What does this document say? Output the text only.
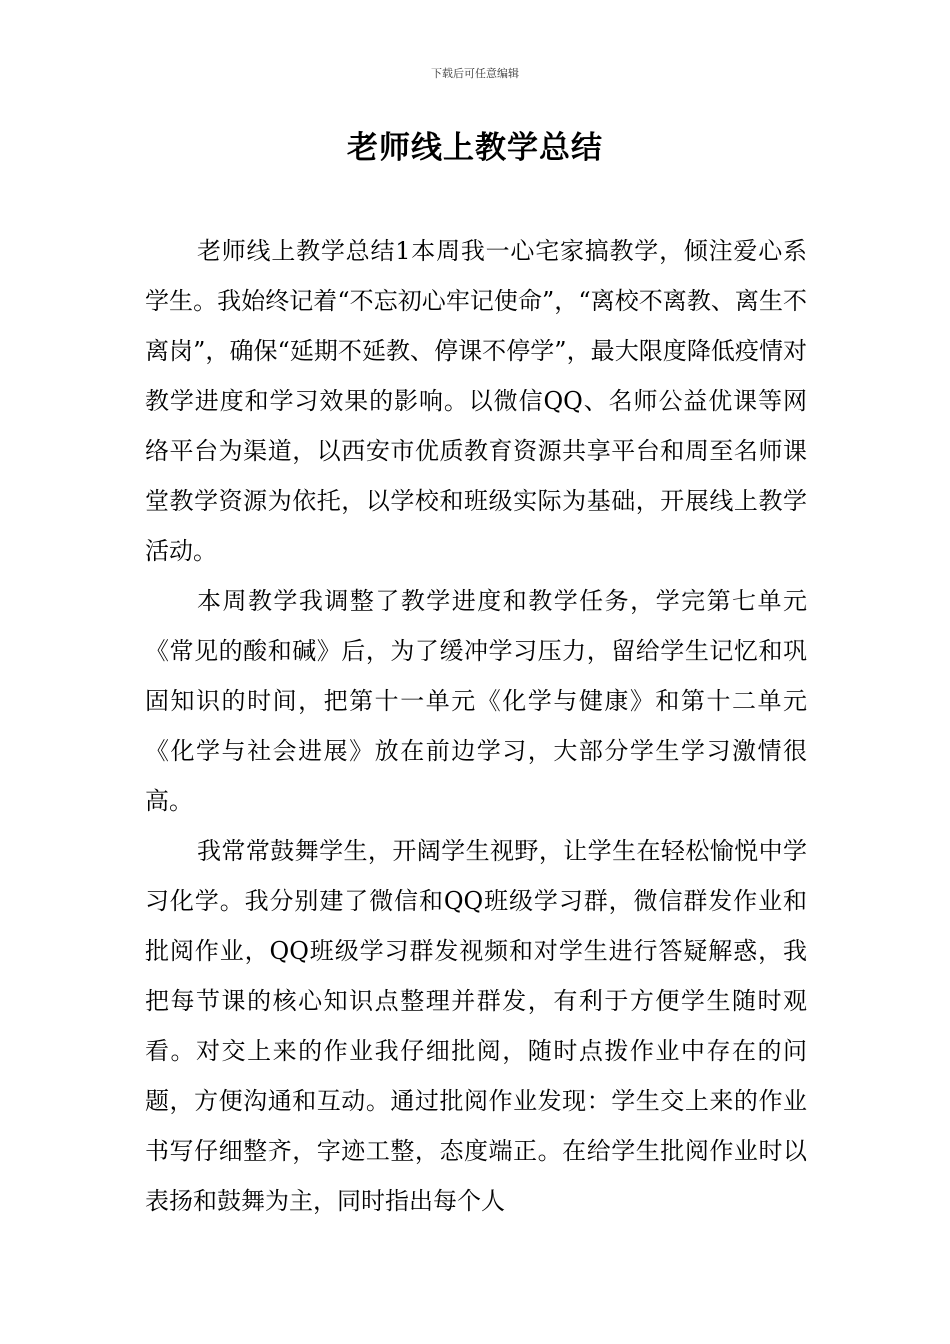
下载后可任意编辑
老师线上教学总结

老师线上教学总结1本周我一心宅家搞教学，倾注爱心系学生。我始终记着“不忘初心牢记使命”，“离校不离教、离生不离岗”，确保“延期不延教、停课不停学”，最大限度降低疫情对教学进度和学习效果的影响。以微信QQ、名师公益优课等网络平台为渠道，以西安市优质教育资源共享平台和周至名师课堂教学资源为依托，以学校和班级实际为基础，开展线上教学活动。

本周教学我调整了教学进度和教学任务，学完第七单元《常见的酸和碱》后，为了缓冲学习压力，留给学生记忆和巩固知识的时间，把第十一单元《化学与健康》和第十二单元《化学与社会进展》放在前边学习，大部分学生学习激情很高。

我常常鼓舞学生，开阔学生视野，让学生在轻松愉悦中学习化学。我分别建了微信和QQ班级学习群，微信群发作业和批阅作业，QQ班级学习群发视频和对学生进行答疑解惑，我把每节课的核心知识点整理并群发，有利于方便学生随时观看。对交上来的作业我仔细批阅，随时点拨作业中存在的问题，方便沟通和互动。通过批阅作业发现：学生交上来的作业书写仔细整齐，字迹工整，态度端正。在给学生批阅作业时以表扬和鼓舞为主，同时指出每个人
